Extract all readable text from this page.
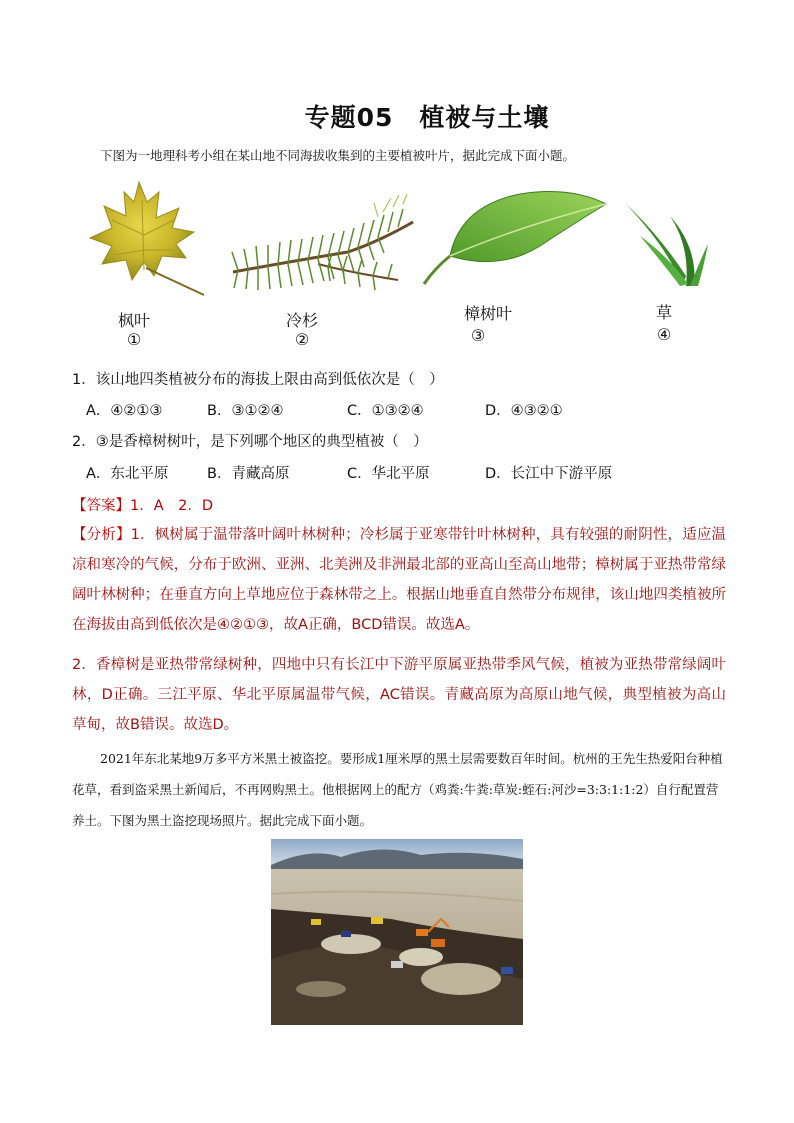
专题05　植被与土壤
下图为一地理科考小组在某山地不同海拔收集到的主要植被叶片，据此完成下面小题。
枫叶
①
冷杉
②
樟树叶
③
草
④
1．该山地四类植被分布的海拔上限由高到低依次是（　）
A．④②①③	B．③①②④	C．①③②④	D．④③②①
2．③是香樟树树叶，是下列哪个地区的典型植被（　）
A．东北平原	B．青藏高原	C．华北平原	D．长江中下游平原
【答案】1．A　2．D
【分析】1．枫树属于温带落叶阔叶林树种；冷杉属于亚寒带针叶林树种，具有较强的耐阴性，适应温凉和寒冷的气候，分布于欧洲、亚洲、北美洲及非洲最北部的亚高山至高山地带；樟树属于亚热带常绿阔叶林树种；在垂直方向上草地应位于森林带之上。根据山地垂直自然带分布规律，该山地四类植被所在海拔由高到低依次是④②①③，故A正确，BCD错误。故选A。
2．香樟树是亚热带常绿树种，四地中只有长江中下游平原属亚热带季风气候，植被为亚热带常绿阔叶林，D正确。三江平原、华北平原属温带气候，AC错误。青藏高原为高原山地气候，典型植被为高山草甸，故B错误。故选D。
2021年东北某地9万多平方米黑土被盗挖。要形成1厘米厚的黑土层需要数百年时间。杭州的王先生热爱阳台种植花草，看到盗采黑土新闻后，不再网购黑土。他根据网上的配方（鸡粪:牛粪:草炭:蛭石:河沙=3:3:1:1:2）自行配置营养土。下图为黑土盗挖现场照片。据此完成下面小题。
